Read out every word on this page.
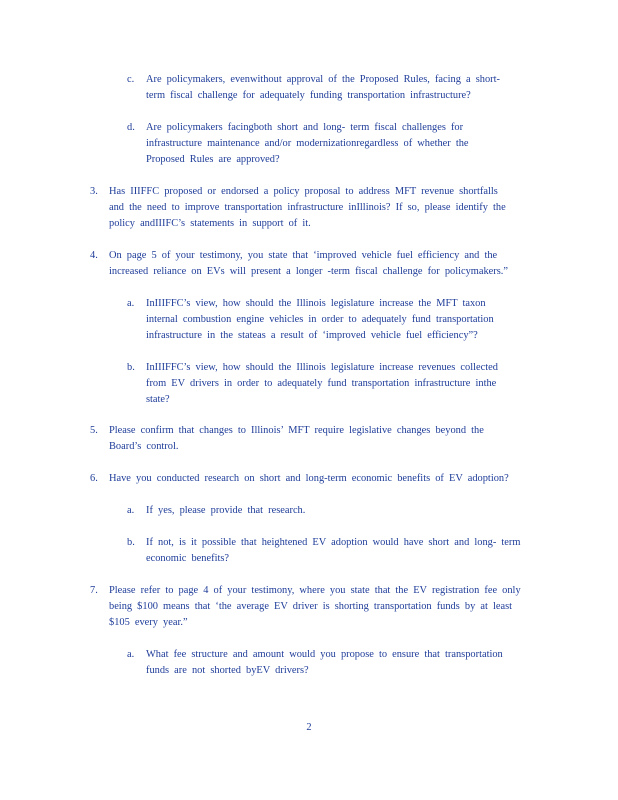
c. Are policymakers, evenwithout approval of the Proposed Rules, facing a short-
term fiscal challenge for adequately funding transportation infrastructure?
d. Are policymakers facingboth short and long- term fiscal challenges for
infrastructure maintenance and/or modernizationregardless of whether the
Proposed Rules are approved?
3. Has IIIFFC proposed or endorsed a policy proposal to address MFT revenue shortfalls
and the need to improve transportation infrastructure inIllinois? If so, please identify the
policy andIIIFC’s statements in support of it.
4. On page 5 of your testimony, you state that ‘improved vehicle fuel efficiency and the
increased reliance on EVs will present a longer -term fiscal challenge for policymakers.”
a. InIIIFFC’s view, how should the Illinois legislature increase the MFT taxon
internal combustion engine vehicles in order to adequately fund transportation
infrastructure in the stateas a result of ‘improved vehicle fuel efficiency”?
b. InIIIFFC’s view, how should the Illinois legislature increase revenues collected
from EV drivers in order to adequately fund transportation infrastructure inthe
state?
5. Please confirm that changes to Illinois’ MFT require legislative changes beyond the
Board’s control.
6. Have you conducted research on short and long-term economic benefits of EV adoption?
a. If yes, please provide that research.
b. If not, is it possible that heightened EV adoption would have short and long- term
economic benefits?
7. Please refer to page 4 of your testimony, where you state that the EV registration fee only
being $100 means that ‘the average EV driver is shorting transportation funds by at least
$105 every year.”
a. What fee structure and amount would you propose to ensure that transportation
funds are not shorted byEV drivers?
2
